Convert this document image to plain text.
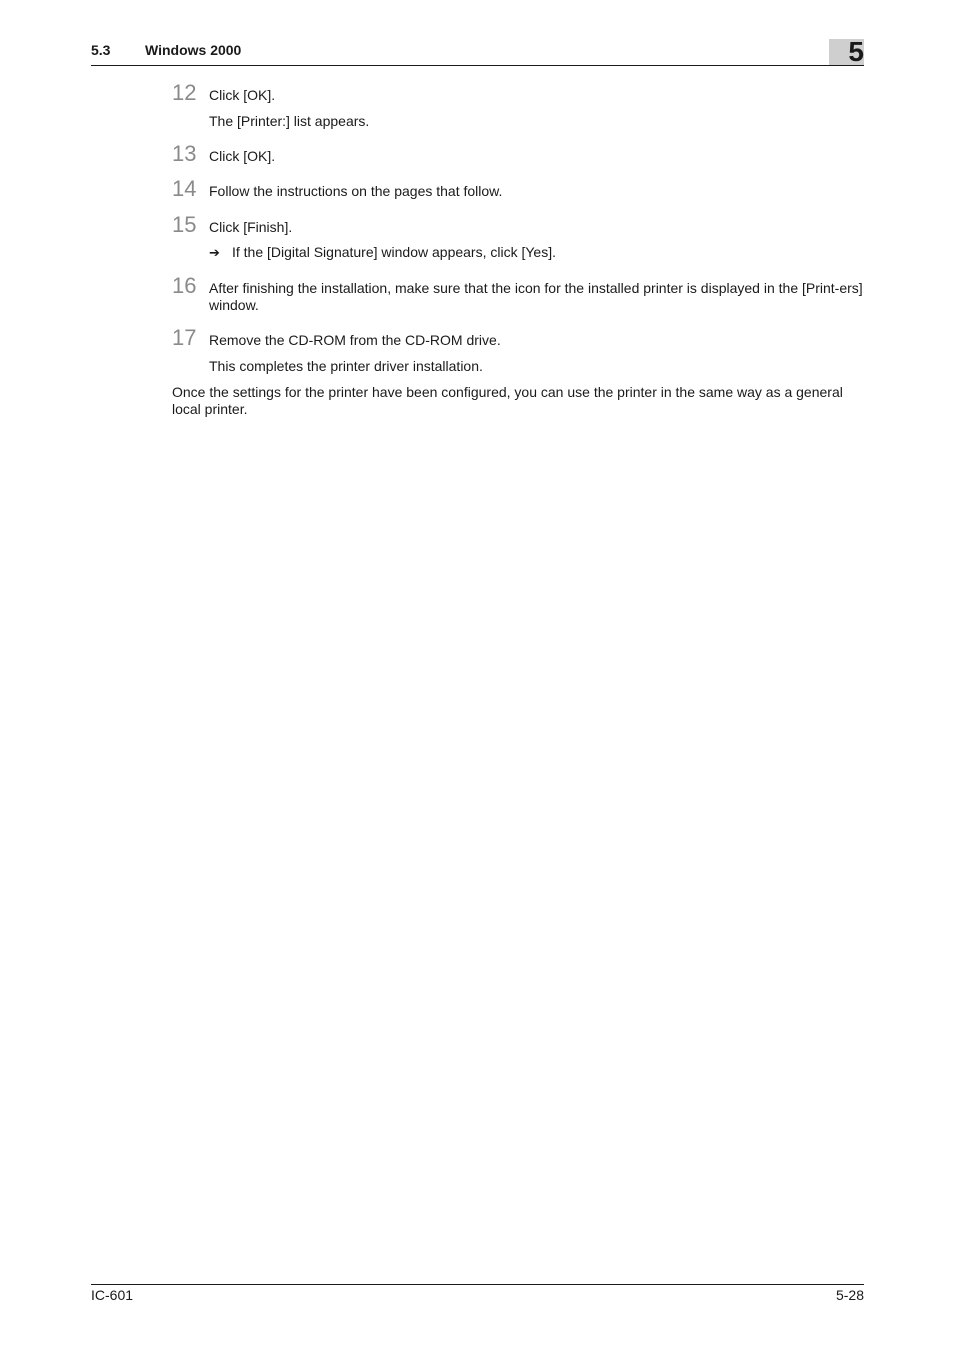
5.3 Windows 2000	5
12 Click [OK].
The [Printer:] list appears.
13 Click [OK].
14 Follow the instructions on the pages that follow.
15 Click [Finish].
➔ If the [Digital Signature] window appears, click [Yes].
16 After finishing the installation, make sure that the icon for the installed printer is displayed in the [Print-ers] window.
17 Remove the CD-ROM from the CD-ROM drive.
This completes the printer driver installation.
Once the settings for the printer have been configured, you can use the printer in the same way as a general local printer.
IC-601	5-28
